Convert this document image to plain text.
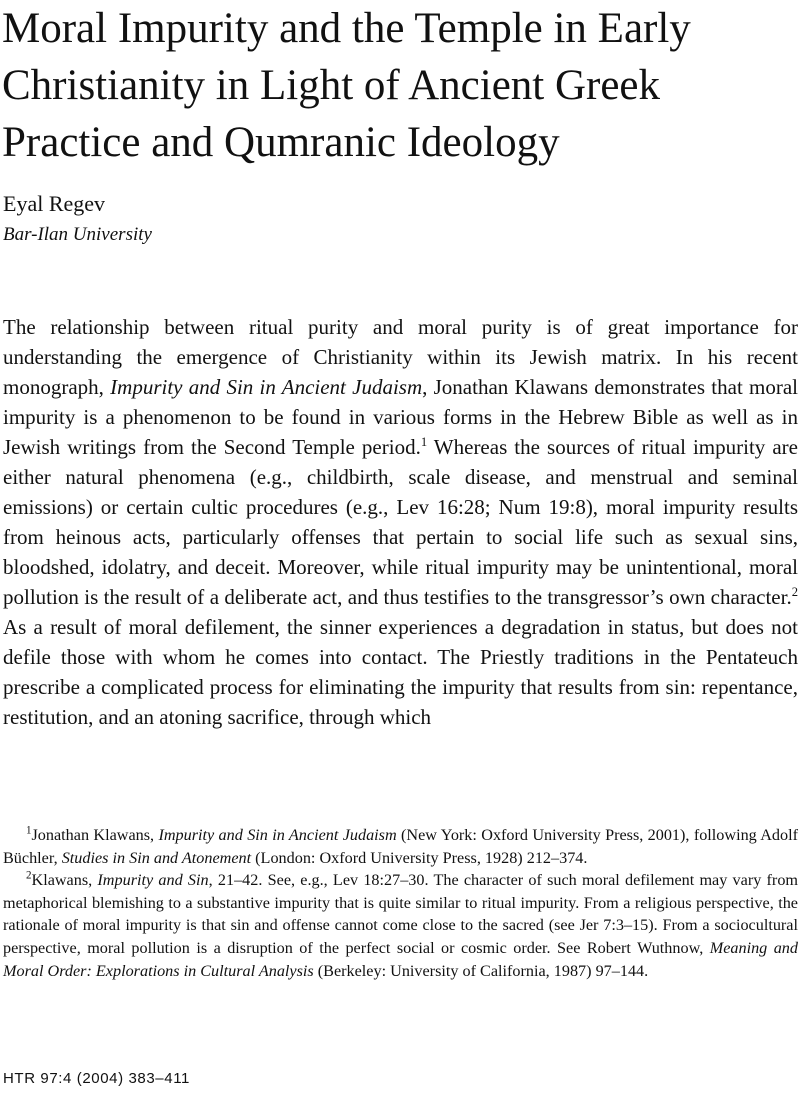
Moral Impurity and the Temple in Early Christianity in Light of Ancient Greek Practice and Qumranic Ideology
Eyal Regev
Bar-Ilan University

The relationship between ritual purity and moral purity is of great importance for understanding the emergence of Christianity within its Jewish matrix. In his recent monograph, Impurity and Sin in Ancient Judaism, Jonathan Klawans demonstrates that moral impurity is a phenomenon to be found in various forms in the Hebrew Bible as well as in Jewish writings from the Second Temple period.$^1$ Whereas the sources of ritual impurity are either natural phenomena (e.g., childbirth, scale disease, and menstrual and seminal emissions) or certain cultic procedures (e.g., Lev 16:28; Num 19:8), moral impurity results from heinous acts, particularly offenses that pertain to social life such as sexual sins, bloodshed, idolatry, and deceit. Moreover, while ritual impurity may be unintentional, moral pollution is the result of a deliberate act, and thus testifies to the transgressor’s own character.$^2$ As a result of moral defilement, the sinner experiences a degradation in status, but does not defile those with whom he comes into contact. The Priestly traditions in the Pentateuch prescribe a complicated process for eliminating the impurity that results from sin: repentance, restitution, and an atoning sacrifice, through which

$^1$Jonathan Klawans, Impurity and Sin in Ancient Judaism (New York: Oxford University Press, 2001), following Adolf Büchler, Studies in Sin and Atonement (London: Oxford University Press, 1928) 212–374.

$^2$Klawans, Impurity and Sin, 21–42. See, e.g., Lev 18:27–30. The character of such moral defilement may vary from metaphorical blemishing to a substantive impurity that is quite similar to ritual impurity. From a religious perspective, the rationale of moral impurity is that sin and offense cannot come close to the sacred (see Jer 7:3–15). From a sociocultural perspective, moral pollution is a disruption of the perfect social or cosmic order. See Robert Wuthnow, Meaning and Moral Order: Explorations in Cultural Analysis (Berkeley: University of California, 1987) 97–144.

HTR 97:4 (2004) 383–411
